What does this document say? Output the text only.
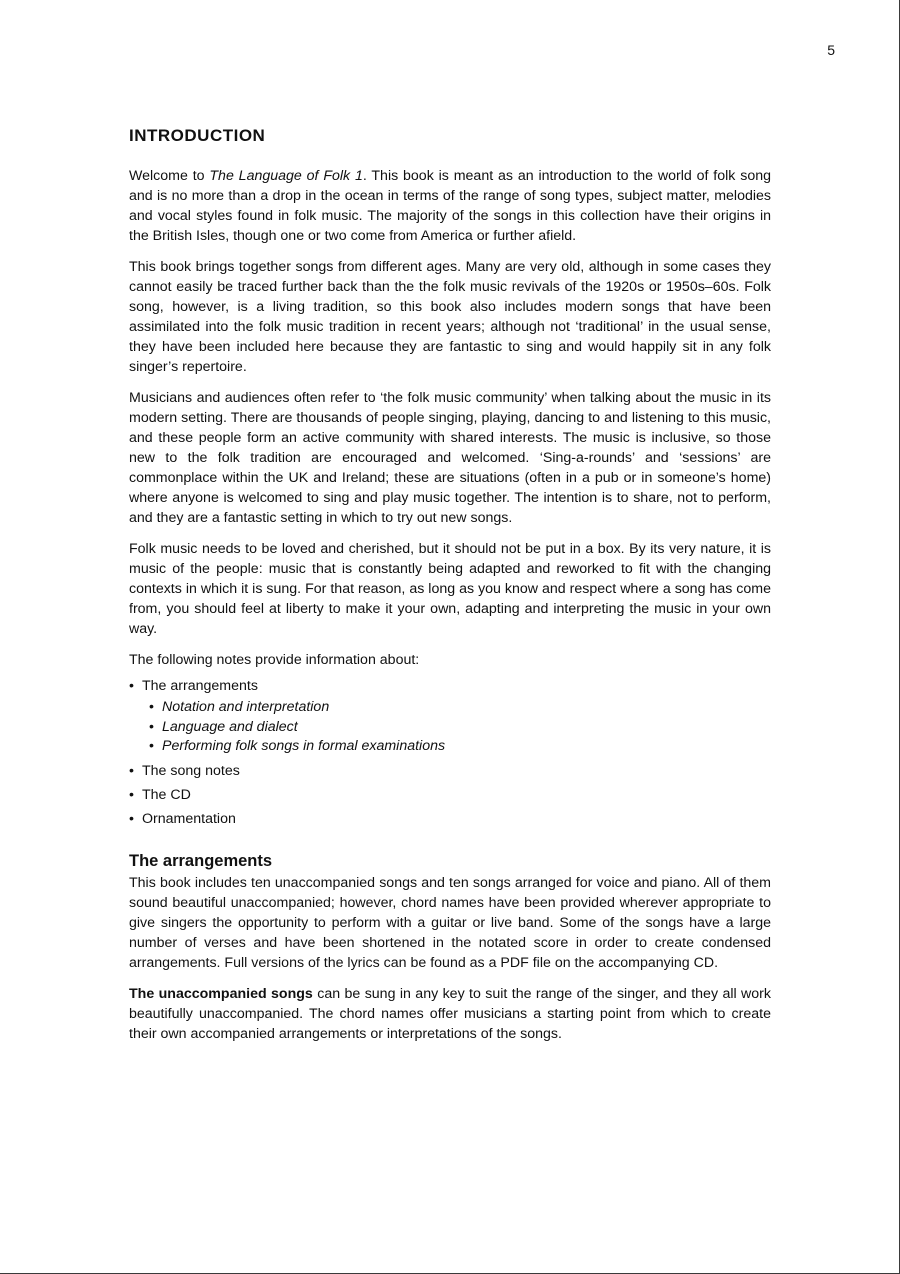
5
INTRODUCTION

Welcome to The Language of Folk 1. This book is meant as an introduction to the world of folk song and is no more than a drop in the ocean in terms of the range of song types, subject matter, melodies and vocal styles found in folk music. The majority of the songs in this collection have their origins in the British Isles, though one or two come from America or further afield.

This book brings together songs from different ages. Many are very old, although in some cases they cannot easily be traced further back than the the folk music revivals of the 1920s or 1950s–60s. Folk song, however, is a living tradition, so this book also includes modern songs that have been assimilated into the folk music tradition in recent years; although not ‘traditional’ in the usual sense, they have been included here because they are fantastic to sing and would happily sit in any folk singer’s repertoire.

Musicians and audiences often refer to ‘the folk music community’ when talking about the music in its modern setting. There are thousands of people singing, playing, dancing to and listening to this music, and these people form an active community with shared interests. The music is inclusive, so those new to the folk tradition are encouraged and welcomed. ‘Sing-a-rounds’ and ‘sessions’ are commonplace within the UK and Ireland; these are situations (often in a pub or in someone’s home) where anyone is welcomed to sing and play music together. The intention is to share, not to perform, and they are a fantastic setting in which to try out new songs.

Folk music needs to be loved and cherished, but it should not be put in a box. By its very nature, it is music of the people: music that is constantly being adapted and reworked to fit with the changing contexts in which it is sung. For that reason, as long as you know and respect where a song has come from, you should feel at liberty to make it your own, adapting and interpreting the music in your own way.

The following notes provide information about:

• The arrangements
• Notation and interpretation
• Language and dialect
• Performing folk songs in formal examinations
• The song notes
• The CD
• Ornamentation
The arrangements

This book includes ten unaccompanied songs and ten songs arranged for voice and piano. All of them sound beautiful unaccompanied; however, chord names have been provided wherever appropriate to give singers the opportunity to perform with a guitar or live band. Some of the songs have a large number of verses and have been shortened in the notated score in order to create condensed arrangements. Full versions of the lyrics can be found as a PDF file on the accompanying CD.

The unaccompanied songs can be sung in any key to suit the range of the singer, and they all work beautifully unaccompanied. The chord names offer musicians a starting point from which to create their own accompanied arrangements or interpretations of the songs.
